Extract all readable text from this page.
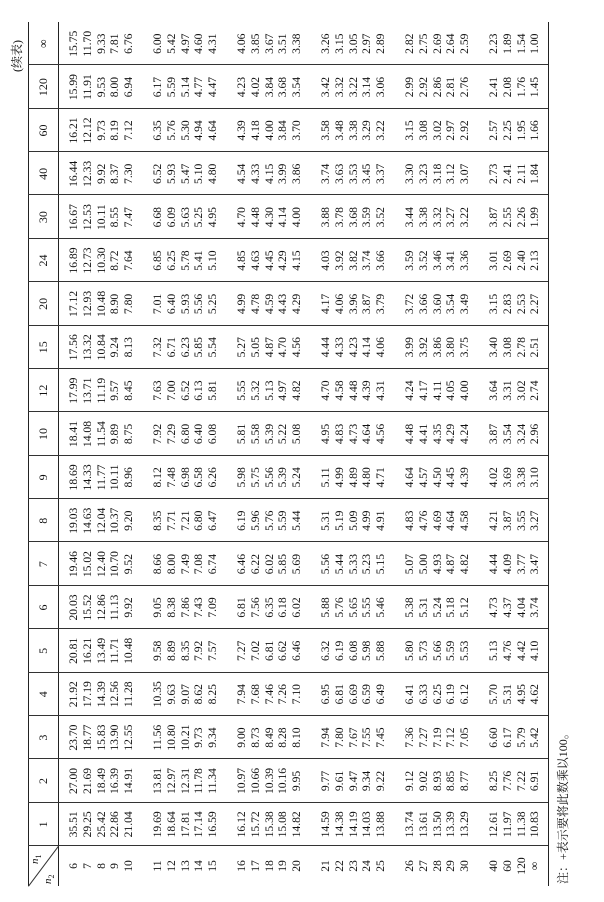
(续表)
注：+表示要将此数乘以100。
$n_1$
$n_2$
1
2
3
4
5
6
7
8
9
10
12
15
20
24
30
40
60
120
∞
6 7 8 9 10
35.51 29.25 25.42 22.86 21.04
27.00 21.69 18.49 16.39 14.91
23.70 18.77 15.83 13.90 12.55
21.92 17.19 14.39 12.56 11.28
20.81 16.21 13.49 11.71 10.48
20.03 15.52 12.86 11.13 9.92
19.46 15.02 12.40 10.70 9.52
19.03 14.63 12.04 10.37 9.20
18.69 14.33 11.77 10.11 8.96
18.41 14.08 11.54 9.89 8.75
17.99 13.71 11.19 9.57 8.45
17.56 13.32 10.84 9.24 8.13
17.12 12.93 10.48 8.90 7.80
16.89 12.73 10.30 8.72 7.64
16.67 12.53 10.11 8.55 7.47
16.44 12.33 9.92 8.37 7.30
16.21 12.12 9.73 8.19 7.12
15.99 11.91 9.53 8.00 6.94
15.75 11.70 9.33 7.81 6.76
11 12 13 14 15
19.69 18.64 17.81 17.14 16.59
13.81 12.97 12.31 11.78 11.34
11.56 10.80 10.21 9.73 9.34
10.35 9.63 9.07 8.62 8.25
9.58 8.89 8.35 7.92 7.57
9.05 8.38 7.86 7.43 7.09
8.66 8.00 7.49 7.08 6.74
8.35 7.71 7.21 6.80 6.47
8.12 7.48 6.98 6.58 6.26
7.92 7.29 6.80 6.40 6.08
7.63 7.00 6.52 6.13 5.81
7.32 6.71 6.23 5.85 5.54
7.01 6.40 5.93 5.56 5.25
6.85 6.25 5.78 5.41 5.10
6.68 6.09 5.63 5.25 4.95
6.52 5.93 5.47 5.10 4.80
6.35 5.76 5.30 4.94 4.64
6.17 5.59 5.14 4.77 4.47
6.00 5.42 4.97 4.60 4.31
16 17 18 19 20
16.12 15.72 15.38 15.08 14.82
10.97 10.66 10.39 10.16 9.95
9.00 8.73 8.49 8.28 8.10
7.94 7.68 7.46 7.26 7.10
7.27 7.02 6.81 6.62 6.46
6.81 7.56 6.35 6.18 6.02
6.46 6.22 6.02 5.85 5.69
6.19 5.96 5.76 5.59 5.44
5.98 5.75 5.56 5.39 5.24
5.81 5.58 5.39 5.22 5.08
5.55 5.32 5.13 4.97 4.82
5.27 5.05 4.87 4.70 4.56
4.99 4.78 4.59 4.43 4.29
4.85 4.63 4.45 4.29 4.15
4.70 4.48 4.30 4.14 4.00
4.54 4.33 4.15 3.99 3.86
4.39 4.18 4.00 3.84 3.70
4.23 4.02 3.84 3.68 3.54
4.06 3.85 3.67 3.51 3.38
21 22 23 24 25
14.59 14.38 14.19 14.03 13.88
9.77 9.61 9.47 9.34 9.22
7.94 7.80 7.67 7.55 7.45
6.95 6.81 6.69 6.59 6.49
6.32 6.19 6.08 5.98 5.88
5.88 5.76 5.65 5.55 5.46
5.56 5.44 5.33 5.23 5.15
5.31 5.19 5.09 4.99 4.91
5.11 4.99 4.89 4.80 4.71
4.95 4.83 4.73 4.64 4.56
4.70 4.58 4.48 4.39 4.31
4.44 4.33 4.23 4.14 4.06
4.17 4.06 3.96 3.87 3.79
4.03 3.92 3.82 3.74 3.66
3.88 3.78 3.68 3.59 3.52
3.74 3.63 3.53 3.45 3.37
3.58 3.48 3.38 3.29 3.22
3.42 3.32 3.22 3.14 3.06
3.26 3.15 3.05 2.97 2.89
26 27 28 29 30
13.74 13.61 13.50 13.39 13.29
9.12 9.02 8.93 8.85 8.77
7.36 7.27 7.19 7.12 7.05
6.41 6.33 6.25 6.19 6.12
5.80 5.73 5.66 5.59 5.53
5.38 5.31 5.24 5.18 5.12
5.07 5.00 4.93 4.87 4.82
4.83 4.76 4.69 4.64 4.58
4.64 4.57 4.50 4.45 4.39
4.48 4.41 4.35 4.29 4.24
4.24 4.17 4.11 4.05 4.00
3.99 3.92 3.86 3.80 3.75
3.72 3.66 3.60 3.54 3.49
3.59 3.52 3.46 3.41 3.36
3.44 3.38 3.32 3.27 3.22
3.30 3.23 3.18 3.12 3.07
3.15 3.08 3.02 2.97 2.92
2.99 2.92 2.86 2.81 2.76
2.82 2.75 2.69 2.64 2.59
40 60 120 ∞
12.61 11.97 11.38 10.83
8.25 7.76 7.22 6.91
6.60 6.17 5.79 5.42
5.70 5.31 4.95 4.62
5.13 4.76 4.42 4.10
4.73 4.37 4.04 3.74
4.44 4.09 3.77 3.47
4.21 3.87 3.55 3.27
4.02 3.69 3.38 3.10
3.87 3.54 3.24 2.96
3.64 3.31 3.02 2.74
3.40 3.08 2.78 2.51
3.15 2.83 2.53 2.27
3.01 2.69 2.40 2.13
3.87 2.55 2.26 1.99
2.73 2.41 2.11 1.84
2.57 2.25 1.95 1.66
2.41 2.08 1.76 1.45
2.23 1.89 1.54 1.00
